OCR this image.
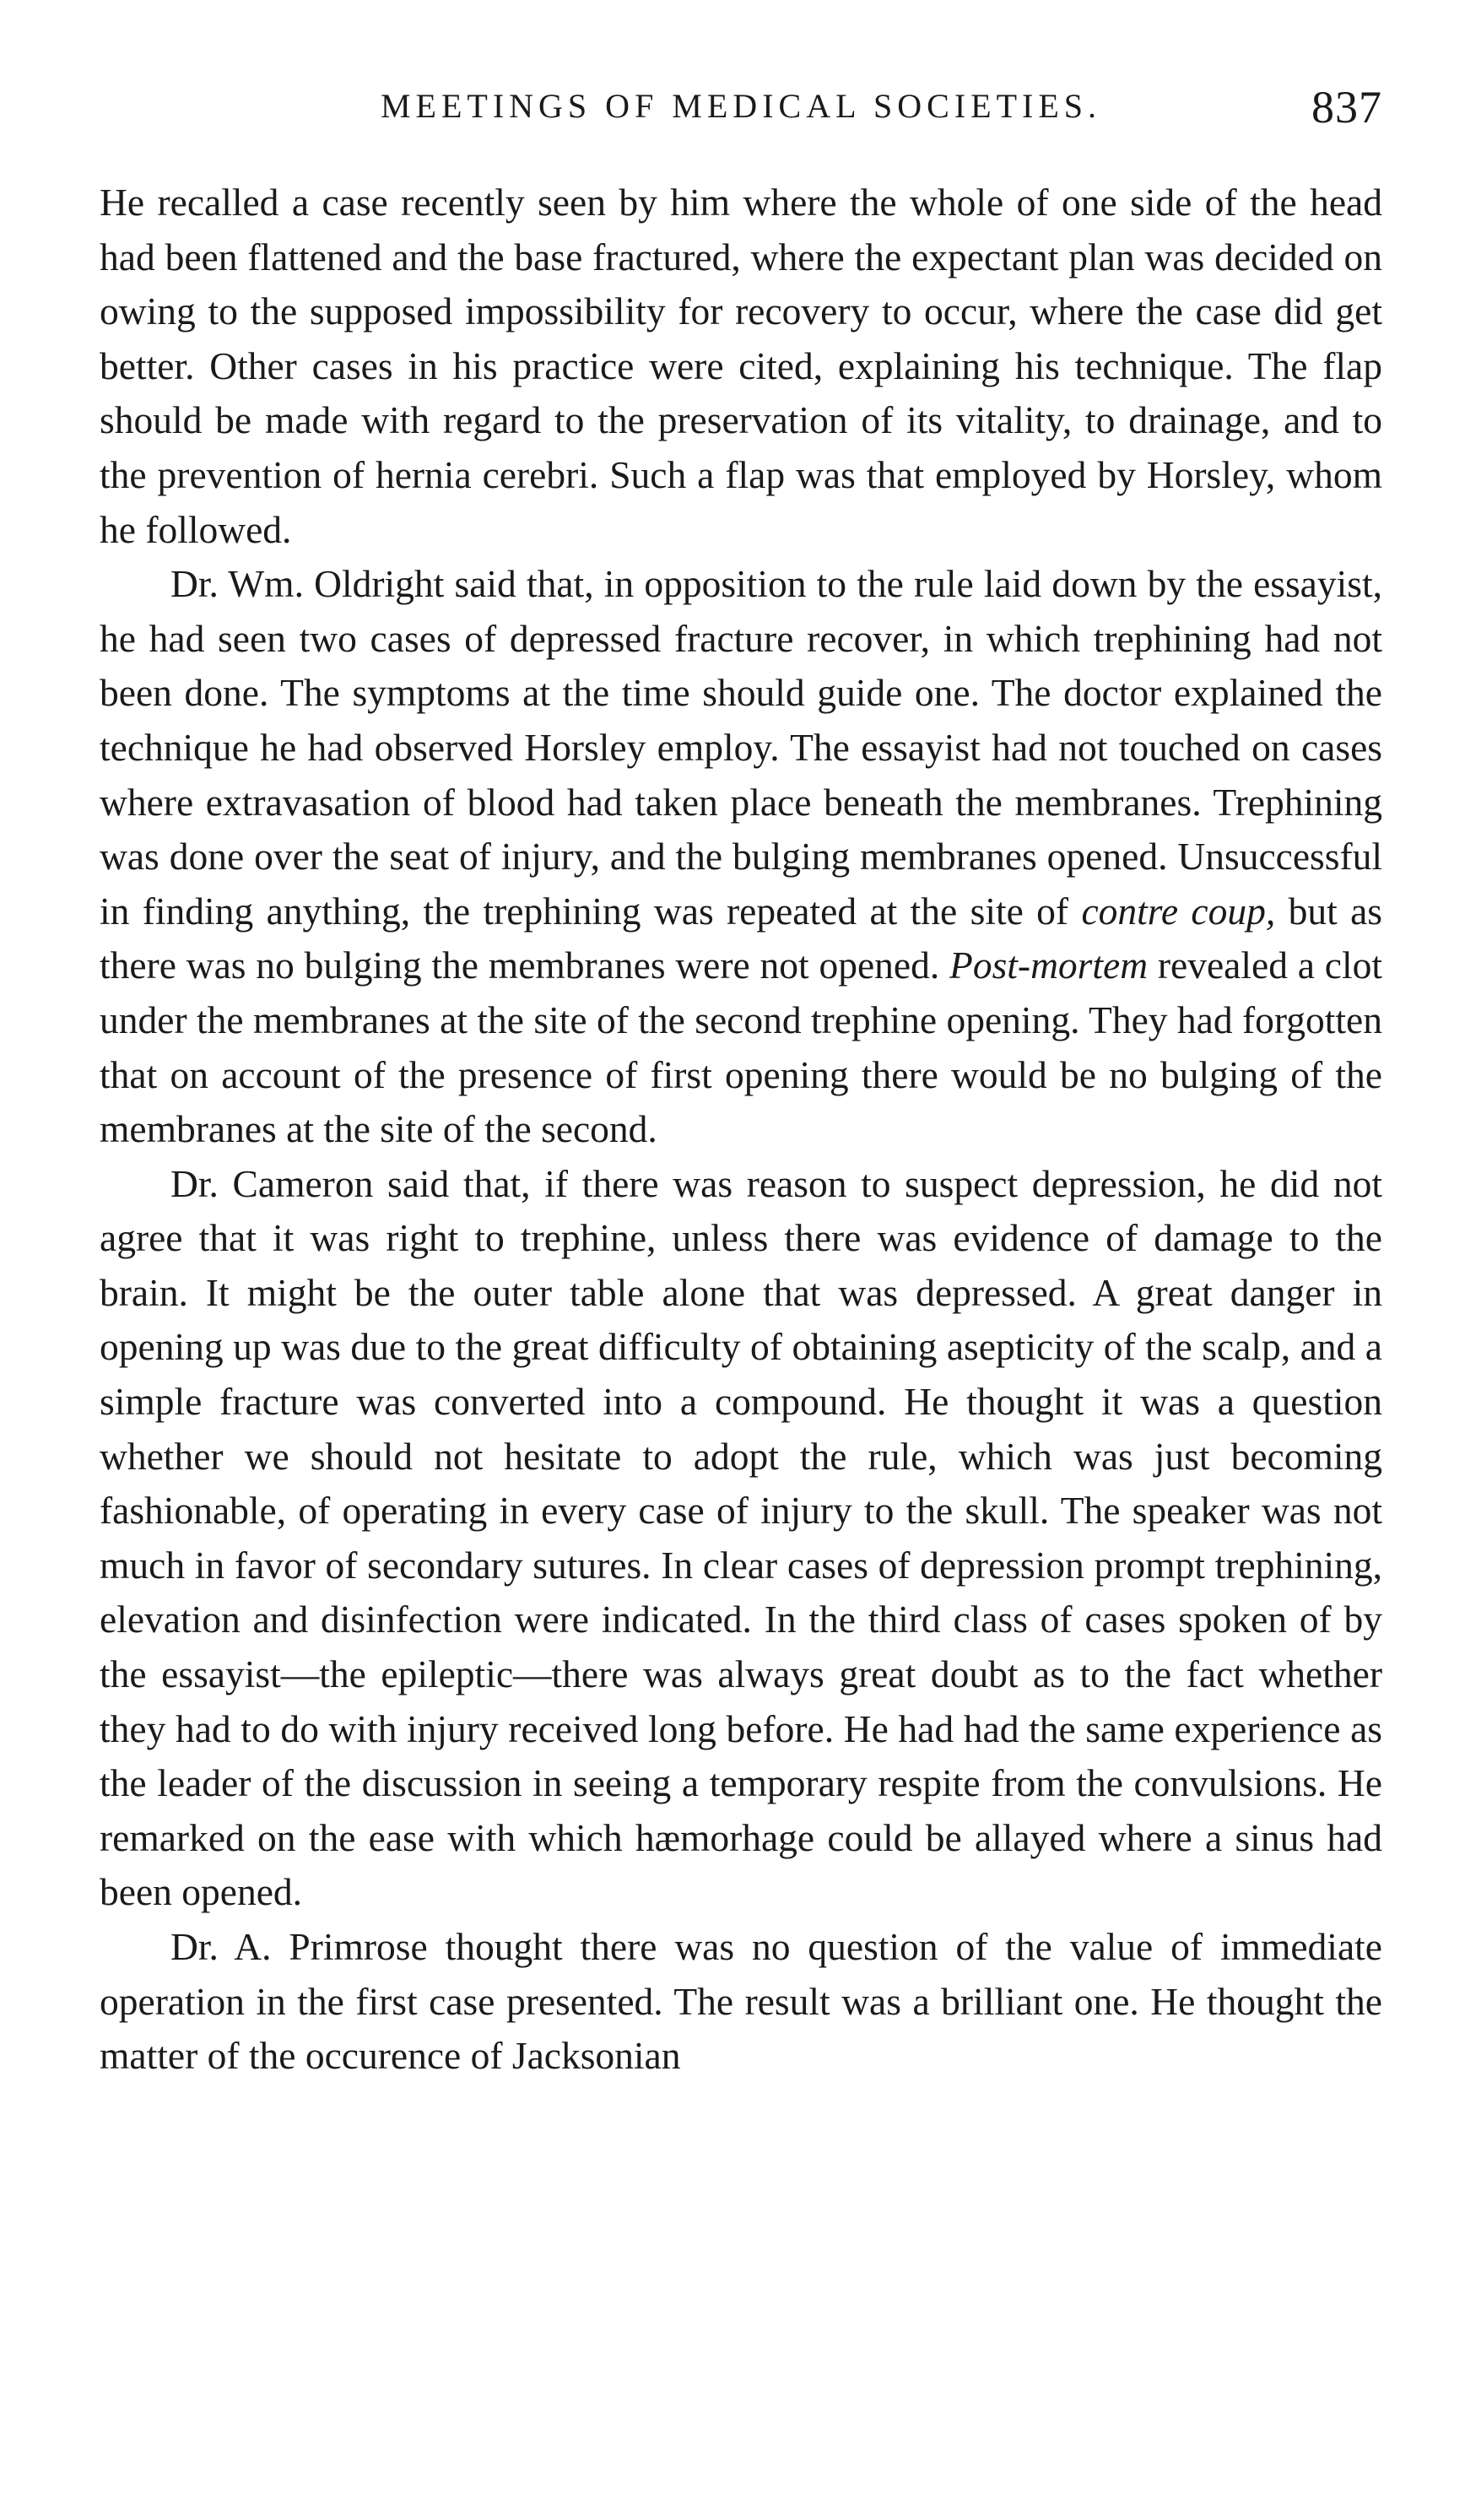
MEETINGS OF MEDICAL SOCIETIES.	837

He recalled a case recently seen by him where the whole of one side of the head had been flattened and the base fractured, where the expectant plan was decided on owing to the supposed impossibility for recovery to occur, where the case did get better. Other cases in his practice were cited, explaining his technique. The flap should be made with regard to the preservation of its vitality, to drainage, and to the prevention of hernia cerebri. Such a flap was that employed by Horsley, whom he followed.

Dr. Wm. Oldright said that, in opposition to the rule laid down by the essayist, he had seen two cases of depressed fracture recover, in which trephining had not been done. The symptoms at the time should guide one. The doctor explained the technique he had observed Horsley employ. The essayist had not touched on cases where extravasation of blood had taken place beneath the membranes. Trephining was done over the seat of injury, and the bulging membranes opened. Unsuccessful in finding anything, the trephining was repeated at the site of contre coup, but as there was no bulging the membranes were not opened. Post-mortem revealed a clot under the membranes at the site of the second trephine opening. They had forgotten that on account of the presence of first opening there would be no bulging of the membranes at the site of the second.

Dr. Cameron said that, if there was reason to suspect depression, he did not agree that it was right to trephine, unless there was evidence of damage to the brain. It might be the outer table alone that was depressed. A great danger in opening up was due to the great difficulty of obtaining asepticity of the scalp, and a simple fracture was converted into a compound. He thought it was a question whether we should not hesitate to adopt the rule, which was just becoming fashionable, of operating in every case of injury to the skull. The speaker was not much in favor of secondary sutures. In clear cases of depression prompt trephining, elevation and disinfection were indicated. In the third class of cases spoken of by the essayist—the epileptic—there was always great doubt as to the fact whether they had to do with injury received long before. He had had the same experience as the leader of the discussion in seeing a temporary respite from the convulsions. He remarked on the ease with which hæmorhage could be allayed where a sinus had been opened.

Dr. A. Primrose thought there was no question of the value of immediate operation in the first case presented. The result was a brilliant one. He thought the matter of the occurence of Jacksonian
